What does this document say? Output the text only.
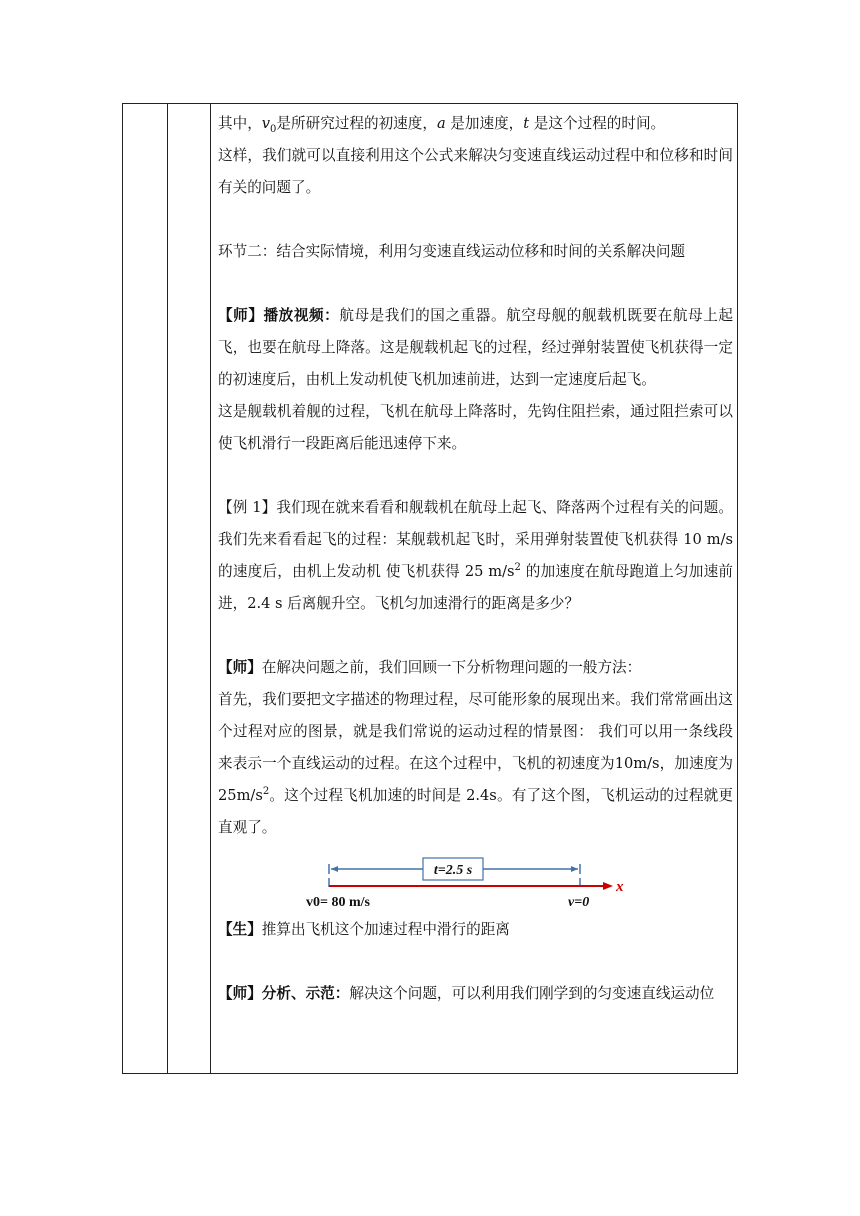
其中，$v_0$是所研究过程的初速度，a 是加速度，t 是这个过程的时间。

这样，我们就可以直接利用这个公式来解决匀变速直线运动过程中和位移和时间有关的问题了。

环节二：结合实际情境，利用匀变速直线运动位移和时间的关系解决问题

【师】播放视频：航母是我们的国之重器。航空母舰的舰载机既要在航母上起飞，也要在航母上降落。这是舰载机起飞的过程，经过弹射装置使飞机获得一定的初速度后，由机上发动机使飞机加速前进，达到一定速度后起飞。

这是舰载机着舰的过程，飞机在航母上降落时，先钩住阻拦索，通过阻拦索可以使飞机滑行一段距离后能迅速停下来。

【例 1】我们现在就来看看和舰载机在航母上起飞、降落两个过程有关的问题。我们先来看看起飞的过程：某舰载机起飞时，采用弹射装置使飞机获得 10 m/s 的速度后，由机上发动机 使飞机获得 25 $m/s^2$ 的加速度在航母跑道上匀加速前进，2.4 s 后离舰升空。飞机匀加速滑行的距离是多少？

【师】在解决问题之前，我们回顾一下分析物理问题的一般方法：

首先，我们要把文字描述的物理过程，尽可能形象的展现出来。我们常常画出这个过程对应的图景，就是我们常说的运动过程的情景图： 我们可以用一条线段来表示一个直线运动的过程。在这个过程中，飞机的初速度为10m/s，加速度为$25m/s^2$。这个过程飞机加速的时间是 2.4s。有了这个图，飞机运动的过程就更直观了。

t=2.5 s
x
v0= 80 m/s	v=0

【生】推算出飞机这个加速过程中滑行的距离

【师】分析、示范：解决这个问题，可以利用我们刚学到的匀变速直线运动位
